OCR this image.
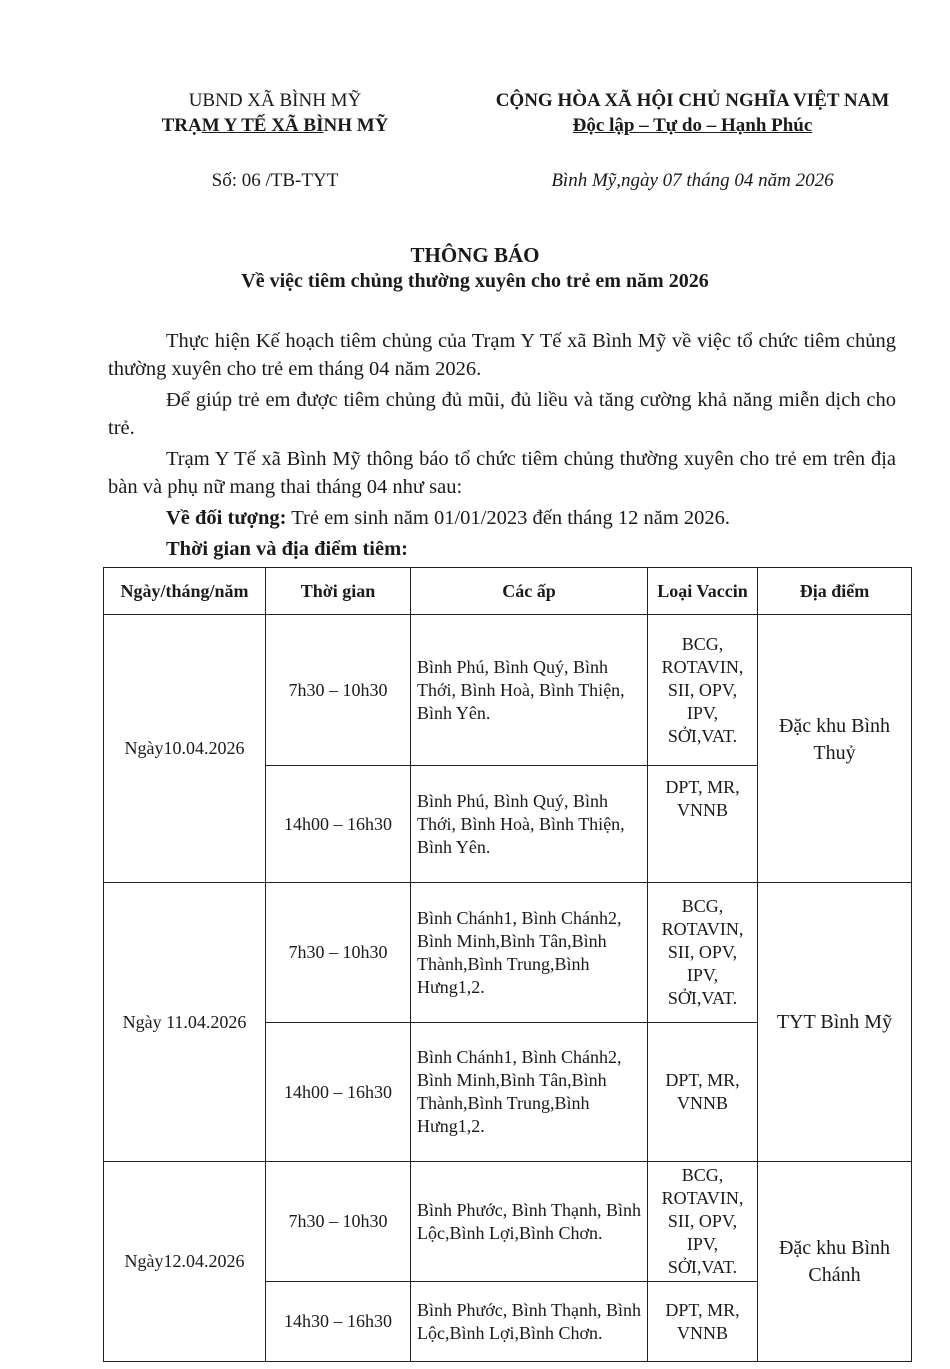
UBND XÃ BÌNH MỸ
TRẠM Y TẾ XÃ BÌNH MỸ
CỘNG HÒA XÃ HỘI CHỦ NGHĨA VIỆT NAM
Độc lập – Tự do – Hạnh Phúc
Số: 06 /TB-TYT	Bình Mỹ,ngày 07 tháng 04 năm 2026
THÔNG BÁO
Về việc tiêm chủng thường xuyên cho trẻ em năm 2026

Thực hiện Kế hoạch tiêm chủng của Trạm Y Tế xã Bình Mỹ về việc tổ chức tiêm chủng thường xuyên cho trẻ em tháng 04 năm 2026.

Để giúp trẻ em được tiêm chủng đủ mũi, đủ liều và tăng cường khả năng miễn dịch cho trẻ.

Trạm Y Tế xã Bình Mỹ thông báo tổ chức tiêm chủng thường xuyên cho trẻ em trên địa bàn và phụ nữ mang thai tháng 04 như sau:

Về đối tượng: Trẻ em sinh năm 01/01/2023 đến tháng 12 năm 2026.

Thời gian và địa điểm tiêm:

Ngày/tháng/năm	Thời gian	Các ấp	Loại Vaccin	Địa điểm
Ngày10.04.2026	7h30 – 10h30	Bình Phú, Bình Quý, Bình Thới, Bình Hoà, Bình Thiện, Bình Yên.	BCG, ROTAVIN, SII, OPV, IPV, SỞI,VAT.	Đặc khu Bình Thuỷ
	14h00 – 16h30	Bình Phú, Bình Quý, Bình Thới, Bình Hoà, Bình Thiện, Bình Yên.	DPT, MR, VNNB	
Ngày 11.04.2026	7h30 – 10h30	Bình Chánh1, Bình Chánh2, Bình Minh,Bình Tân,Bình Thành,Bình Trung,Bình Hưng1,2.	BCG, ROTAVIN, SII, OPV, IPV, SỞI,VAT.	TYT Bình Mỹ
	14h00 – 16h30	Bình Chánh1, Bình Chánh2, Bình Minh,Bình Tân,Bình Thành,Bình Trung,Bình Hưng1,2.	DPT, MR, VNNB	
Ngày12.04.2026	7h30 – 10h30	Bình Phước, Bình Thạnh, Bình Lộc,Bình Lợi,Bình Chơn.	BCG, ROTAVIN, SII, OPV, IPV, SỞI,VAT.	Đặc khu Bình Chánh
	14h30 – 16h30	Bình Phước, Bình Thạnh, Bình Lộc,Bình Lợi,Bình Chơn.	DPT, MR, VNNB	
